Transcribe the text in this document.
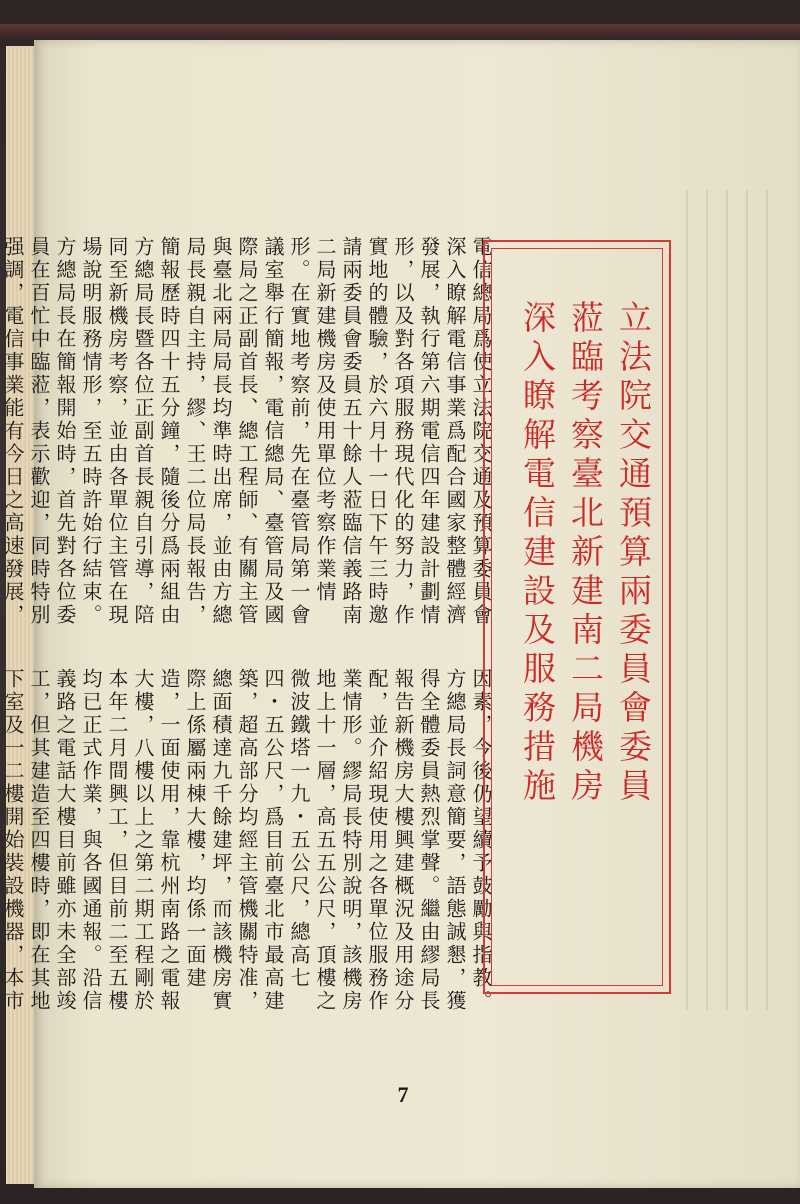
電信總局爲使立法院交通及預算委員會深入瞭解電信事業爲配合國家整體經濟發展，執行第六期電信四年建設計劃情形，以及對各項服務現代化的努力，作實地的體驗，於六月十一日下午三時邀請兩委員會委員五十餘人蒞臨信義路南二局新建機房及使用單位考察作業情形。在實地考察前，先在臺管局第一會議室舉行簡報，電信總局、臺管局及國際局之正副首長、總工程師、有關主管與臺北兩局局長均準時出席，並由方總局長親自主持，繆、王二位局長報告，簡報歷時四十五分鐘，隨後分爲兩組由方總局長暨各位正副首長親自引導，陪同至新機房考察，並由各單位主管在現場說明服務情形，至五時許始行結束。　方總局長在簡報開始時，首先對各位委員在百忙中臨蒞，表示歡迎，同時特別强調，電信事業能有今日之高速發展，
因素，今後仍望續予鼓勵與指教。方總局長詞意簡要，語態誠懇，獲得全體委員熱烈掌聲。繼由繆局長報告新機房大樓興建概況及用途分配，並介紹現使用之各單位服務作業情形。繆局長特別說明，該機房地上十一層，高五五公尺，頂樓之微波鐵塔一九・五公尺，總高七四・五公尺，爲目前臺北市最高建築，超高部分均經主管機關特准，總面積達九千餘建坪，而該機房實際上係屬兩棟大樓，均係一面建造，一面使用，靠杭州南路之電報大樓，八樓以上之第二期工程剛於本年二月間興工，但目前二至五樓均已正式作業，與各國通報。沿信義路之電話大樓目前雖亦未全部竣工，但其建造至四樓時，即在其地下室及一二樓開始裝設機器，本市
立法院交通預算兩委員會委員
蒞臨考察臺北新建南二局機房
深入瞭解電信建設及服務措施
7
